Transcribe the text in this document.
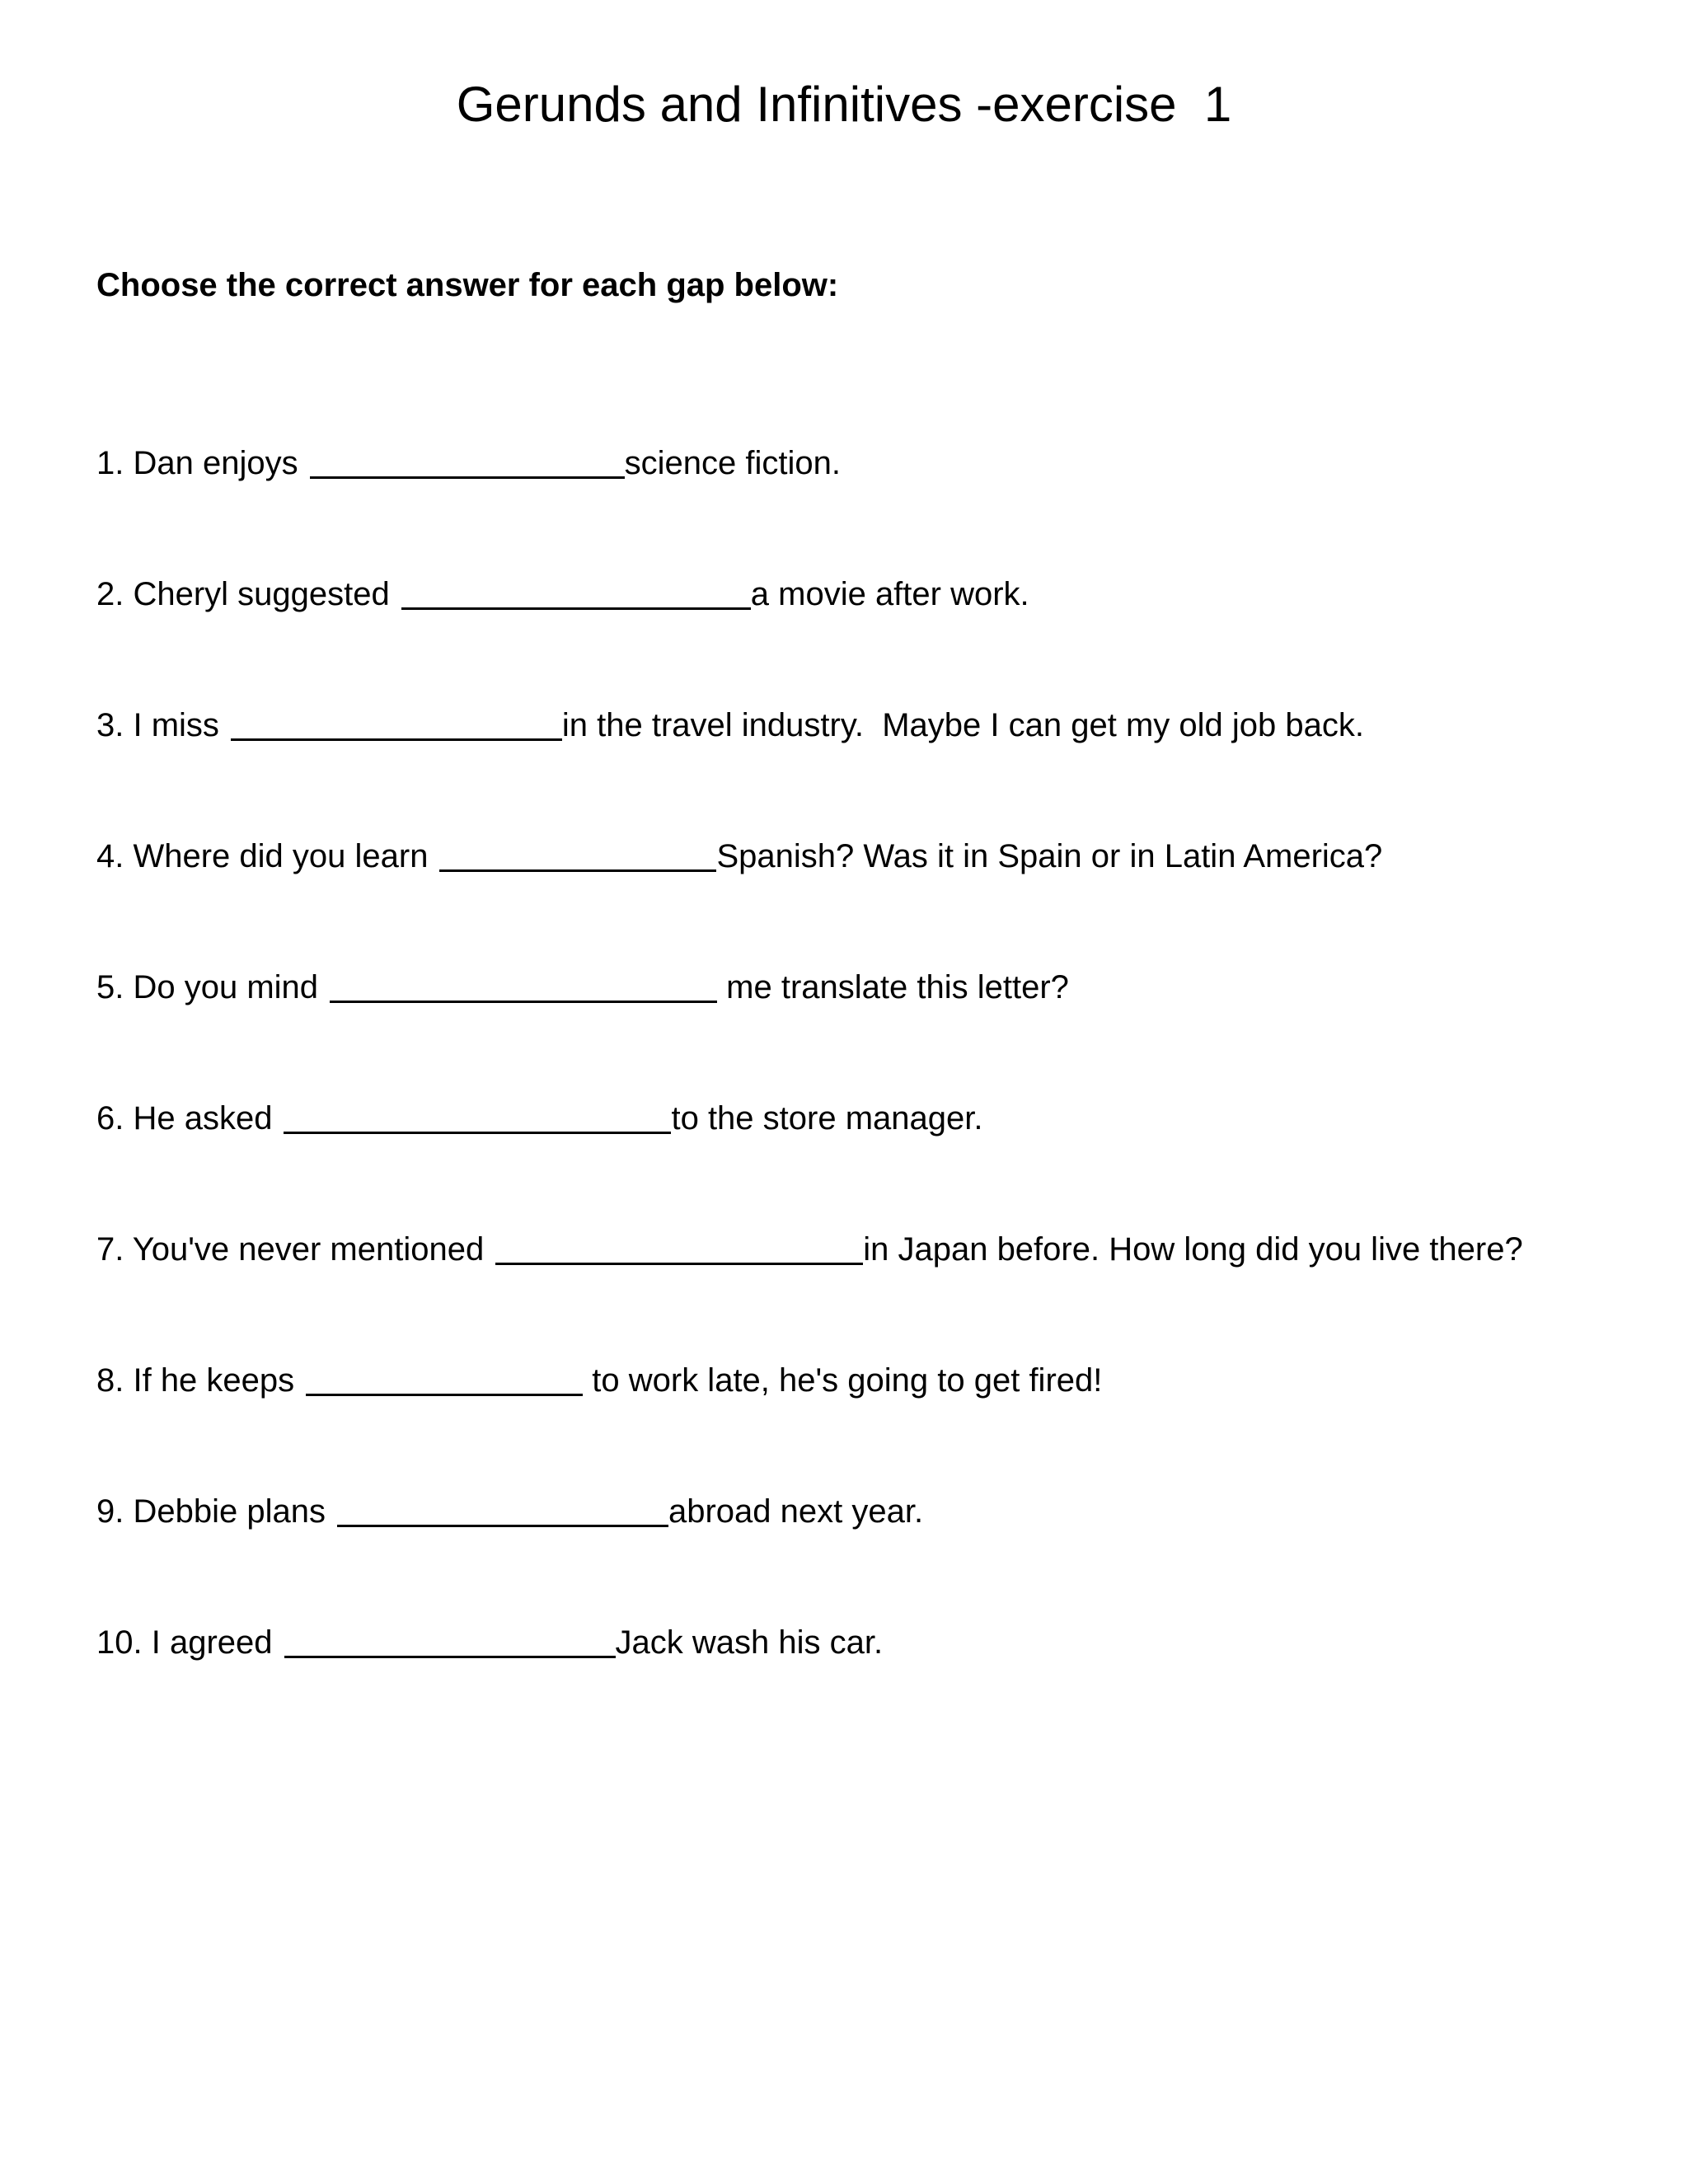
Gerunds and Infinitives -exercise  1

Choose the correct answer for each gap below:

1. Dan enjoys	science fiction.
2. Cheryl suggested	a movie after work.
3. I miss	in the travel industry.  Maybe I can get my old job back.
4. Where did you learn	Spanish? Was it in Spain or in Latin America?
5. Do you mind	me translate this letter?
6. He asked	to the store manager.
7. You've never mentioned	in Japan before. How long did you live there?
8. If he keeps	to work late, he's going to get fired!
9. Debbie plans	abroad next year.
10. I agreed	Jack wash his car.
